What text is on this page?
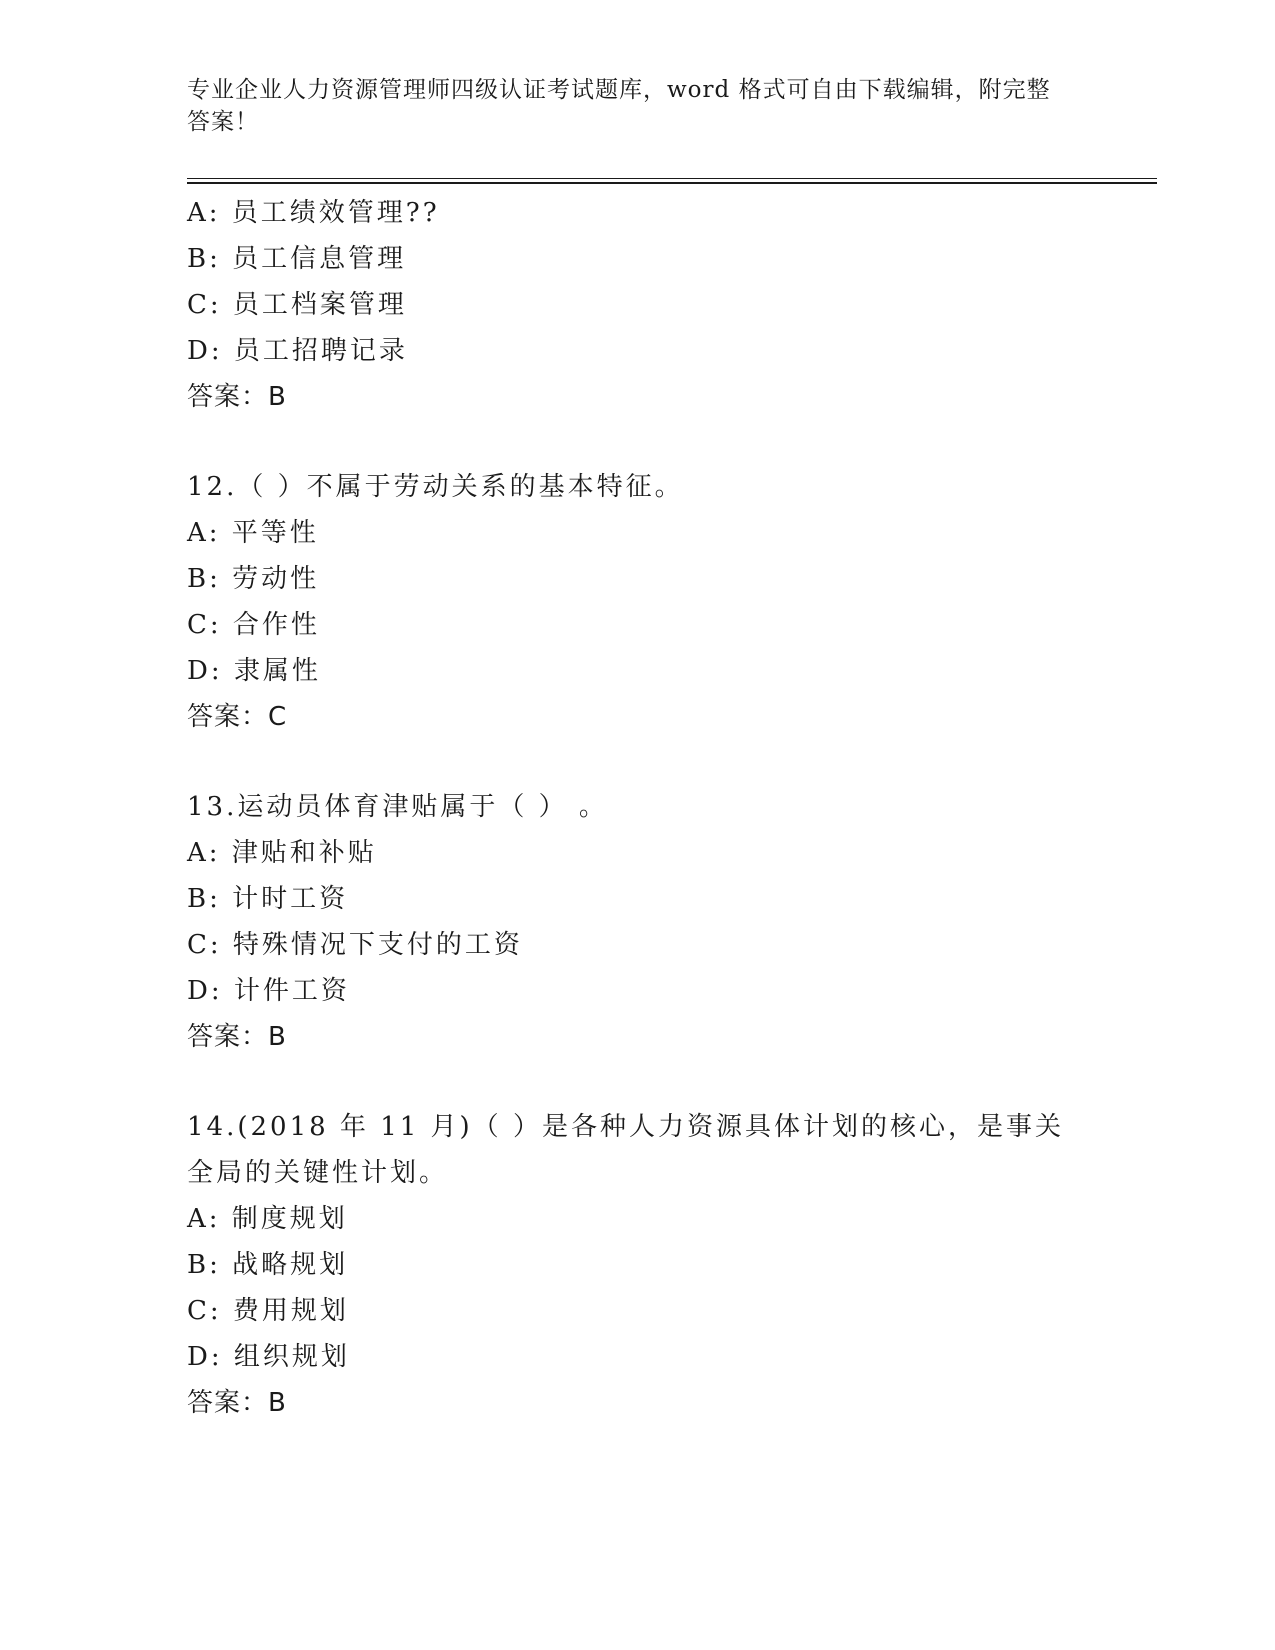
专业企业人力资源管理师四级认证考试题库，word 格式可自由下载编辑，附完整答案！
A: 员工绩效管理??
B: 员工信息管理
C: 员工档案管理
D: 员工招聘记录
答案：B
12.（ ）不属于劳动关系的基本特征。
A: 平等性
B: 劳动性
C: 合作性
D: 隶属性
答案：C
13.运动员体育津贴属于（ ） 。
A: 津贴和补贴
B: 计时工资
C: 特殊情况下支付的工资
D: 计件工资
答案：B
14.(2018 年 11 月)（ ）是各种人力资源具体计划的核心，是事关全局的关键性计划。
A: 制度规划
B: 战略规划
C: 费用规划
D: 组织规划
答案：B
